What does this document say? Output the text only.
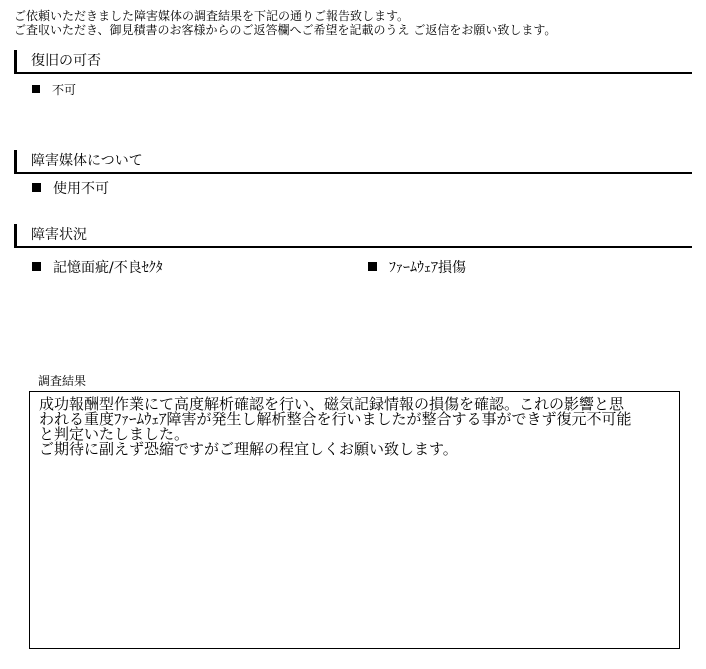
ご依頼いただきました障害媒体の調査結果を下記の通りご報告致します。
ご査収いただき、御見積書のお客様からのご返答欄へご希望を記載のうえ ご返信をお願い致します。
復旧の可否
不可
障害媒体について
使用不可
障害状況
記憶面疵/不良ｾｸﾀ	ﾌｧｰﾑｳｪｱ損傷
調査結果
成功報酬型作業にて高度解析確認を行い、磁気記録情報の損傷を確認。これの影響と思
われる重度ﾌｧｰﾑｳｪｱ障害が発生し解析整合を行いましたが整合する事ができず復元不可能
と判定いたしました。
ご期待に副えず恐縮ですがご理解の程宜しくお願い致します。
